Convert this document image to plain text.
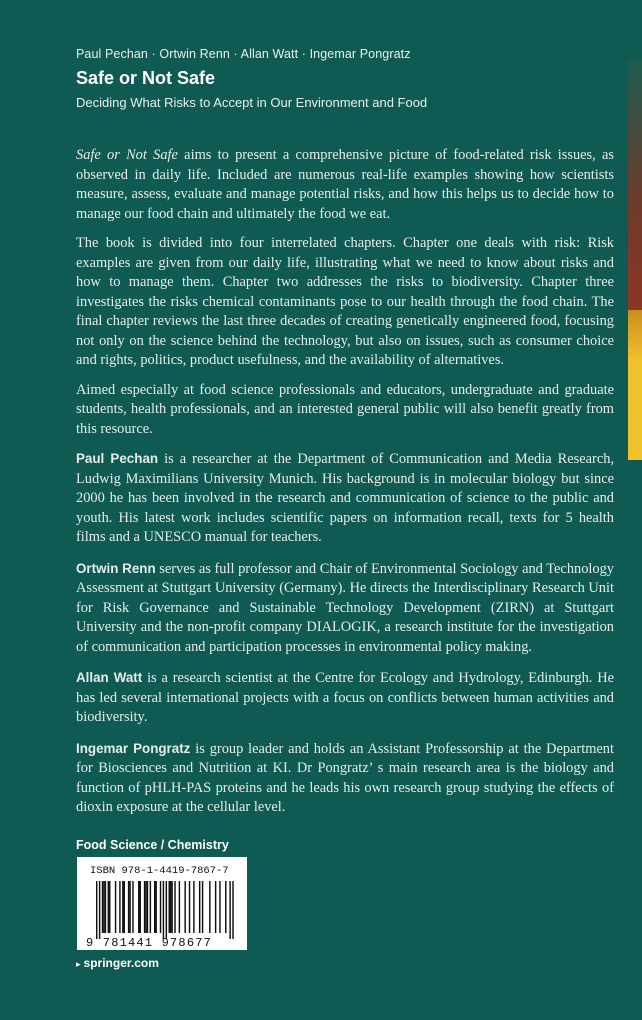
Paul Pechan · Ortwin Renn · Allan Watt · Ingemar Pongratz
Safe or Not Safe
Deciding What Risks to Accept in Our Environment and Food

Safe or Not Safe aims to present a comprehensive picture of food-related risk issues, as observed in daily life. Included are numerous real-life examples showing how scientists measure, assess, evaluate and manage potential risks, and how this helps us to decide how to manage our food chain and ultimately the food we eat.

The book is divided into four interrelated chapters. Chapter one deals with risk: Risk examples are given from our daily life, illustrating what we need to know about risks and how to manage them. Chapter two addresses the risks to biodiversity. Chapter three investigates the risks chemical contaminants pose to our health through the food chain. The final chapter reviews the last three decades of creating genetically engineered food, focusing not only on the science behind the technology, but also on issues, such as consumer choice and rights, politics, product usefulness, and the availability of alternatives.

Aimed especially at food science professionals and educators, undergraduate and graduate students, health professionals, and an interested general public will also benefit greatly from this resource.

Paul Pechan is a researcher at the Department of Communication and Media Research, Ludwig Maximilians University Munich. His background is in molecular biology but since 2000 he has been involved in the research and communication of science to the public and youth. His latest work includes scientific papers on information recall, texts for 5 health films and a UNESCO manual for teachers.

Ortwin Renn serves as full professor and Chair of Environmental Sociology and Technology Assessment at Stuttgart University (Germany). He directs the Interdisciplinary Research Unit for Risk Governance and Sustainable Technology Development (ZIRN) at Stuttgart University and the non-profit company DIALOGIK, a research institute for the investigation of communication and participation processes in environmental policy making.

Allan Watt is a research scientist at the Centre for Ecology and Hydrology, Edinburgh. He has led several international projects with a focus on conflicts between human activities and biodiversity.

Ingemar Pongratz is group leader and holds an Assistant Professorship at the Department for Biosciences and Nutrition at KI. Dr Pongratz’ s main research area is the biology and function of pHLH-PAS proteins and he leads his own research group studying the effects of dioxin exposure at the cellular level.

Food Science / Chemistry
ISBN 978-1-4419-7867-7
9 781441 978677
▸ springer.com
